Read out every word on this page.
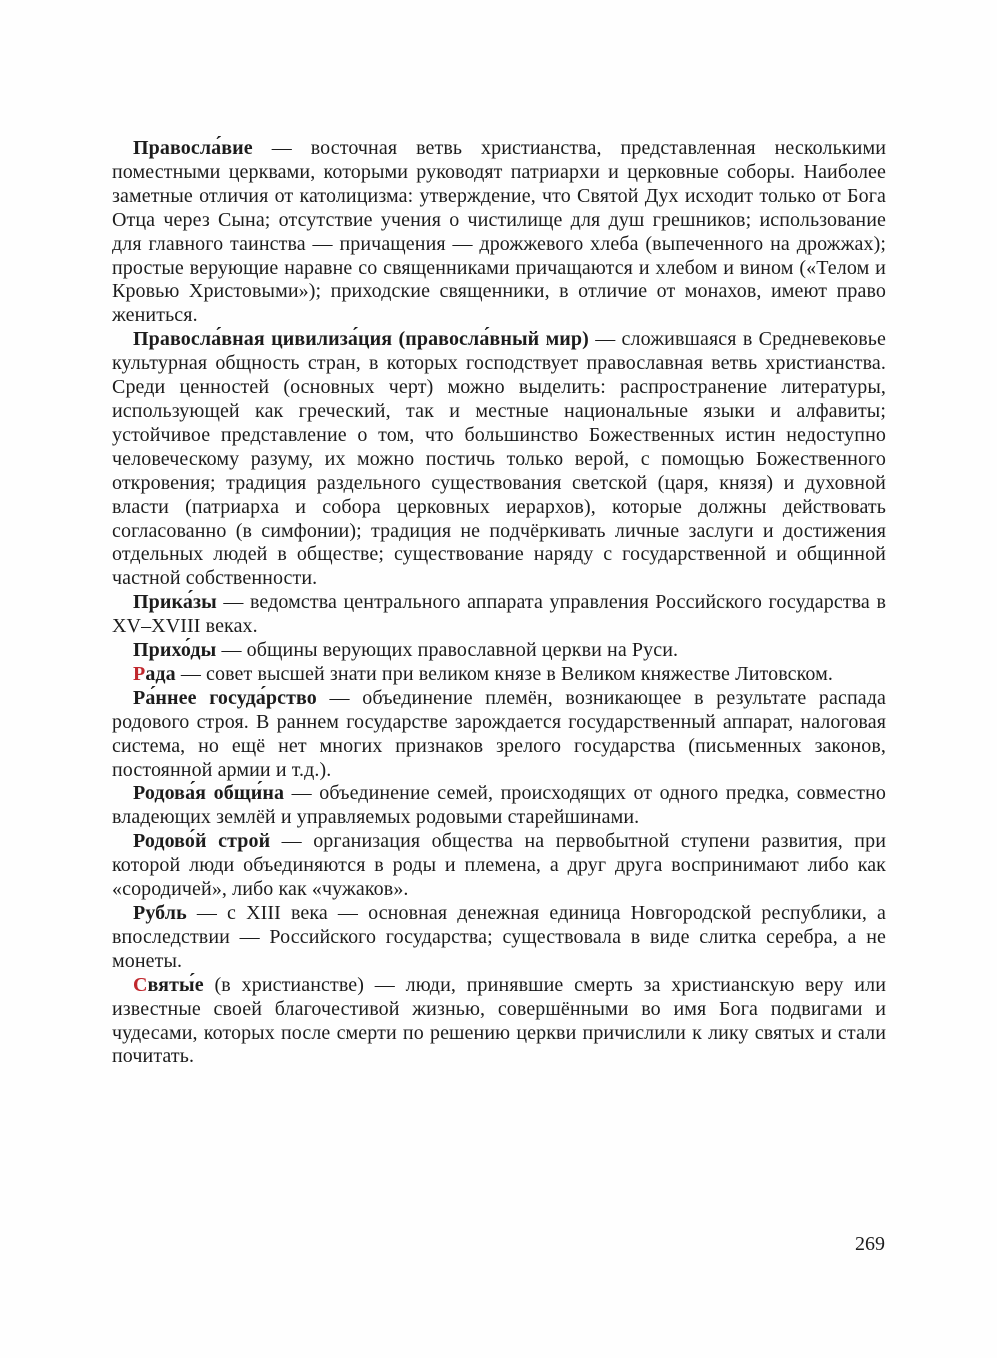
Правосла́вие — восточная ветвь христианства, представленная несколькими поместными церквами, которыми руководят патриархи и церковные соборы. Наиболее заметные отличия от католицизма: утверждение, что Святой Дух исходит только от Бога Отца через Сына; отсутствие учения о чистилище для душ грешников; использование для главного таинства — причащения — дрожжевого хлеба (выпеченного на дрожжах); простые верующие наравне со священниками причащаются и хлебом и вином («Телом и Кровью Христовыми»); приходские священники, в отличие от монахов, имеют право жениться.

Правосла́вная цивилиза́ция (правосла́вный мир) — сложившаяся в Средневековье культурная общность стран, в которых господствует православная ветвь христианства. Среди ценностей (основных черт) можно выделить: распространение литературы, использующей как греческий, так и местные национальные языки и алфавиты; устойчивое представление о том, что большинство Божественных истин недоступно человеческому разуму, их можно постичь только верой, с помощью Божественного откровения; традиция раздельного существования светской (царя, князя) и духовной власти (патриарха и собора церковных иерархов), которые должны действовать согласованно (в симфонии); традиция не подчёркивать личные заслуги и достижения отдельных людей в обществе; существование наряду с государственной и общинной частной собственности.

Прика́зы — ведомства центрального аппарата управления Российского государства в XV–XVIII веках.

Прихо́ды — общины верующих православной церкви на Руси.

Рада — совет высшей знати при великом князе в Великом княжестве Литовском.

Ра́ннее госуда́рство — объединение племён, возникающее в результате распада родового строя. В раннем государстве зарождается государственный аппарат, налоговая система, но ещё нет многих признаков зрелого государства (письменных законов, постоянной армии и т.д.).

Родова́я общи́на — объединение семей, происходящих от одного предка, совместно владеющих землёй и управляемых родовыми старейшинами.

Родово́й строй — организация общества на первобытной ступени развития, при которой люди объединяются в роды и племена, а друг друга воспринимают либо как «сородичей», либо как «чужаков».

Рубль — с XIII века — основная денежная единица Новгородской республики, а впоследствии — Российского государства; существовала в виде слитка серебра, а не монеты.

Святы́е (в христианстве) — люди, принявшие смерть за христианскую веру или известные своей благочестивой жизнью, совершёнными во имя Бога подвигами и чудесами, которых после смерти по решению церкви причислили к лику святых и стали почитать.

269
